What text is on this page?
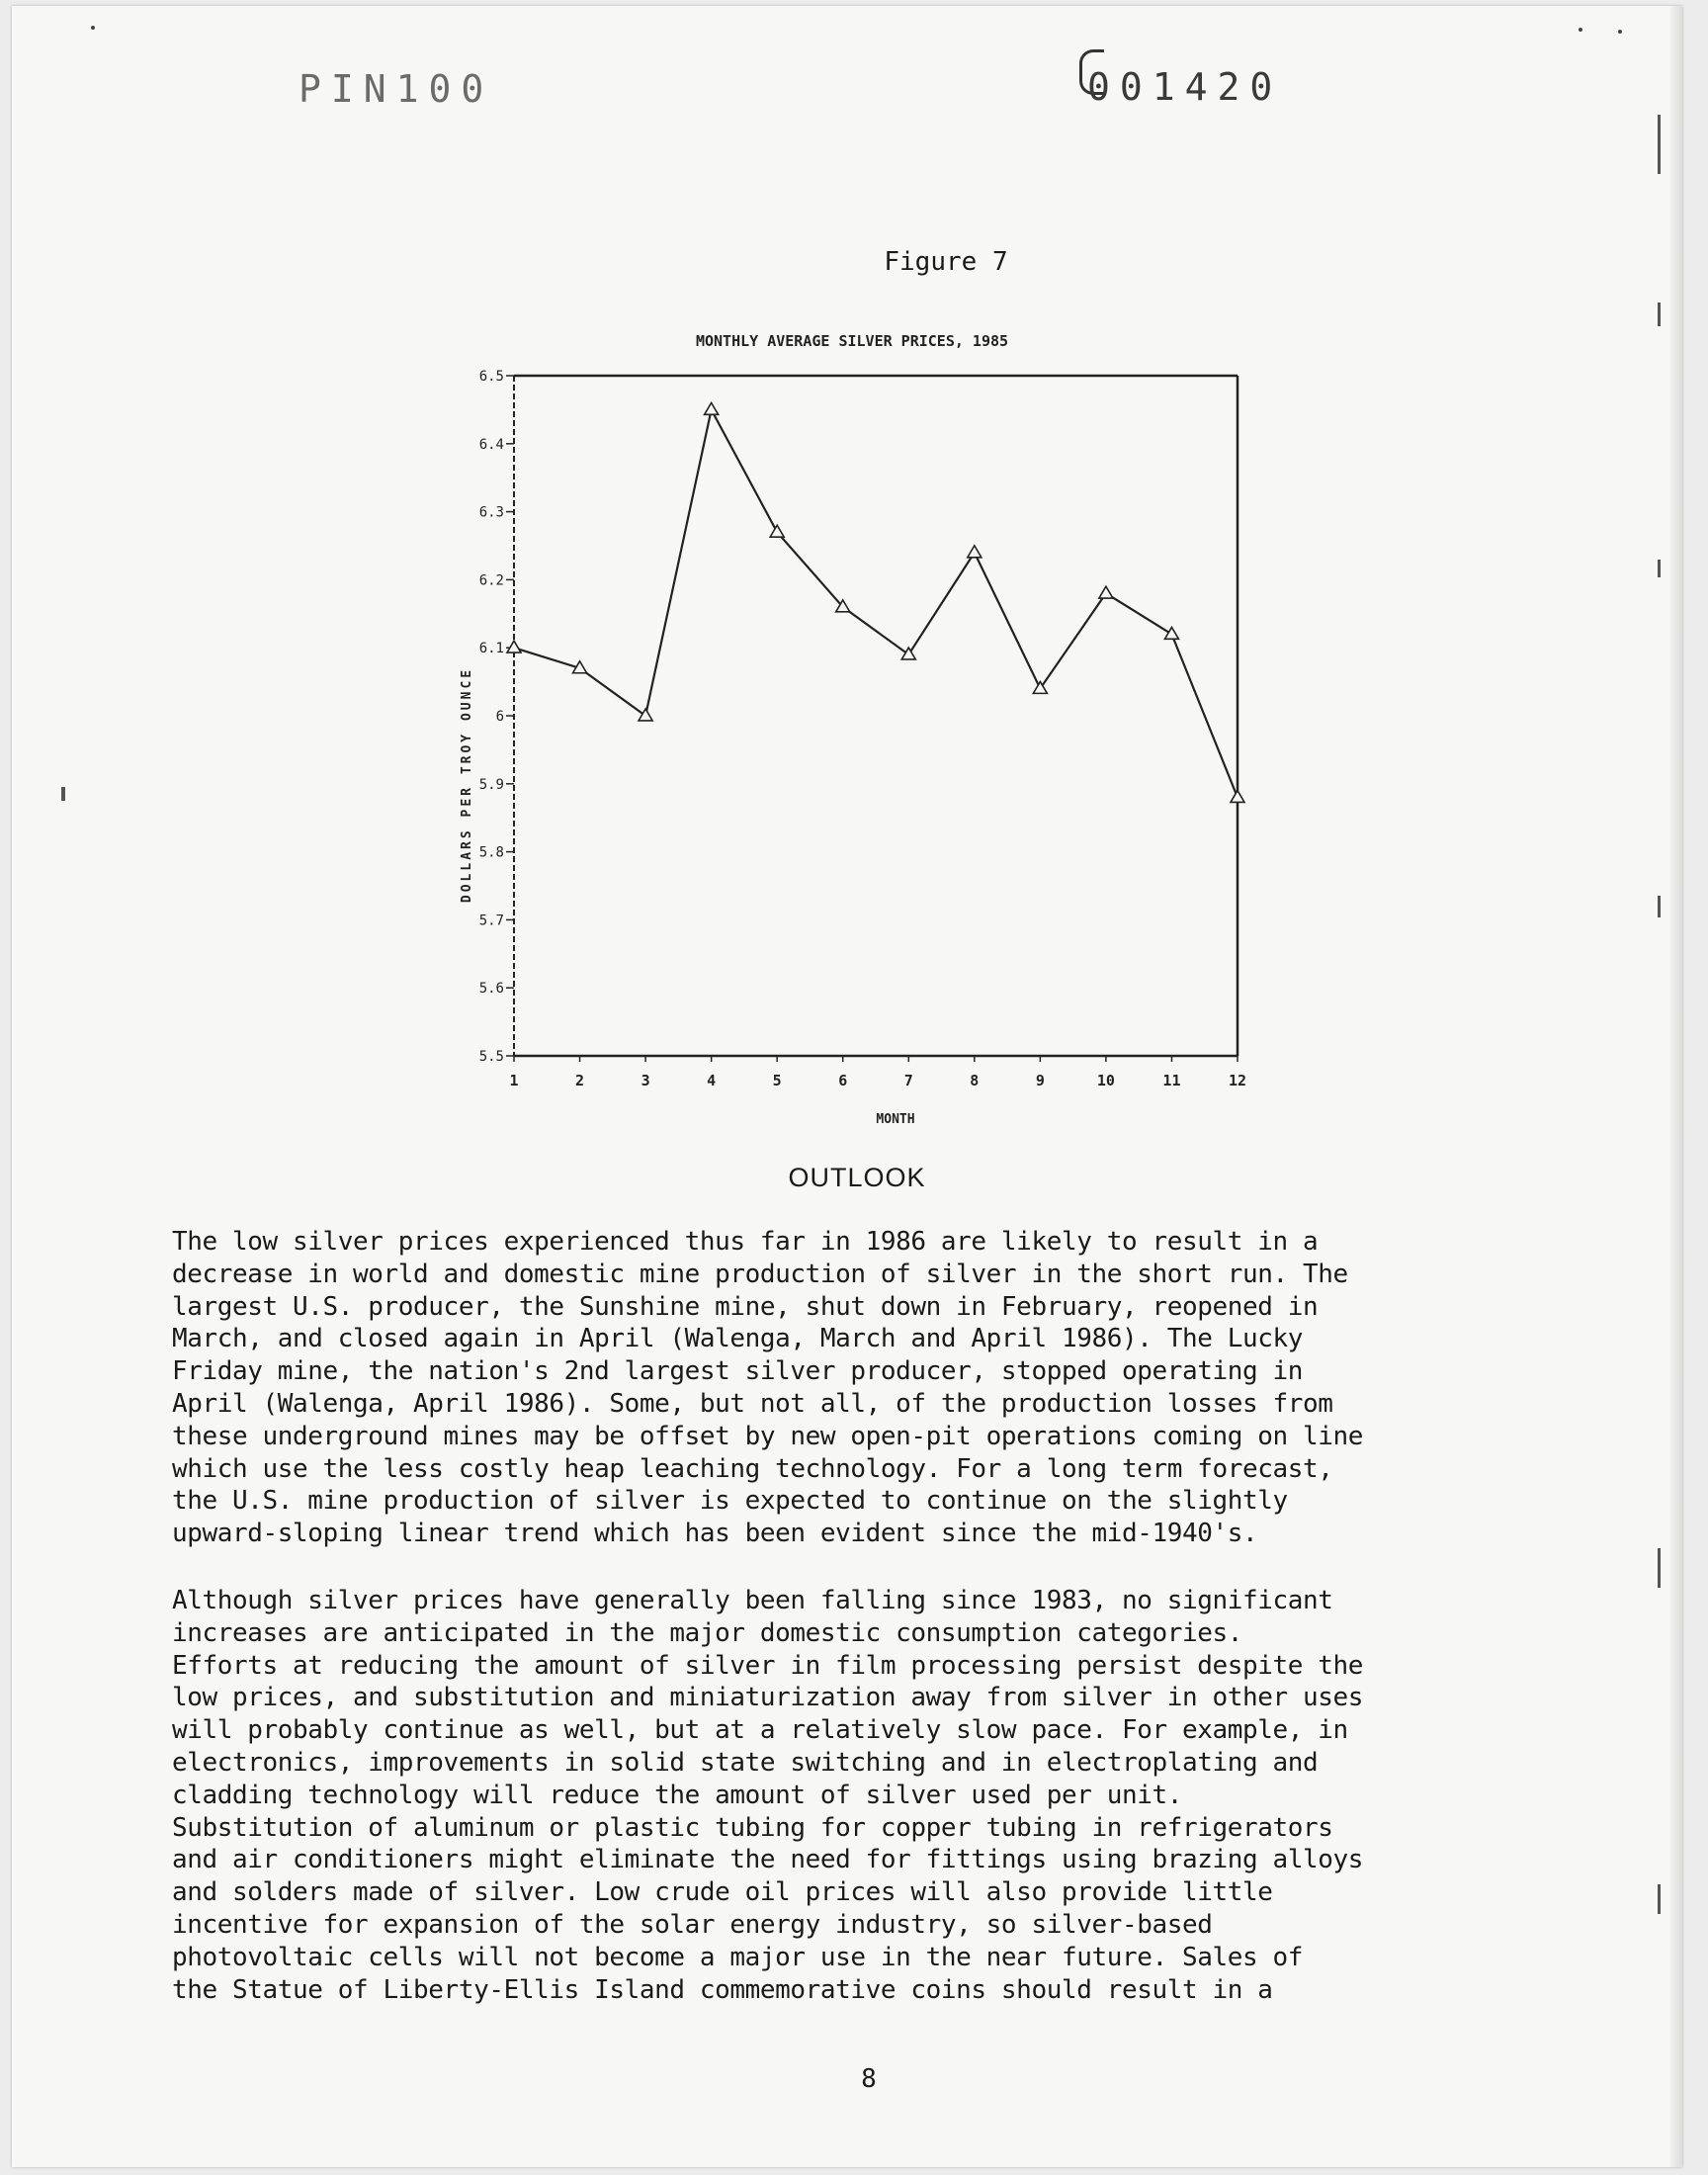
PIN100	001420
Figure 7
MONTHLY AVERAGE SILVER PRICES, 1985
6.5
6.4
6.3
6.2
6.1
6
5.9
5.8
5.7
5.6
5.5
1	2	3	4	5	6	7	8	9	10	11	12
MONTH
DOLLARS PER TROY OUNCE
OUTLOOK

The low silver prices experienced thus far in 1986 are likely to result in a
decrease in world and domestic mine production of silver in the short run. The
largest U.S. producer, the Sunshine mine, shut down in February, reopened in
March, and closed again in April (Walenga, March and April 1986). The Lucky
Friday mine, the nation's 2nd largest silver producer, stopped operating in
April (Walenga, April 1986). Some, but not all, of the production losses from
these underground mines may be offset by new open-pit operations coming on line
which use the less costly heap leaching technology. For a long term forecast,
the U.S. mine production of silver is expected to continue on the slightly
upward-sloping linear trend which has been evident since the mid-1940's.

Although silver prices have generally been falling since 1983, no significant
increases are anticipated in the major domestic consumption categories.
Efforts at reducing the amount of silver in film processing persist despite the
low prices, and substitution and miniaturization away from silver in other uses
will probably continue as well, but at a relatively slow pace. For example, in
electronics, improvements in solid state switching and in electroplating and
cladding technology will reduce the amount of silver used per unit.
Substitution of aluminum or plastic tubing for copper tubing in refrigerators
and air conditioners might eliminate the need for fittings using brazing alloys
and solders made of silver. Low crude oil prices will also provide little
incentive for expansion of the solar energy industry, so silver-based
photovoltaic cells will not become a major use in the near future. Sales of
the Statue of Liberty-Ellis Island commemorative coins should result in a

8
